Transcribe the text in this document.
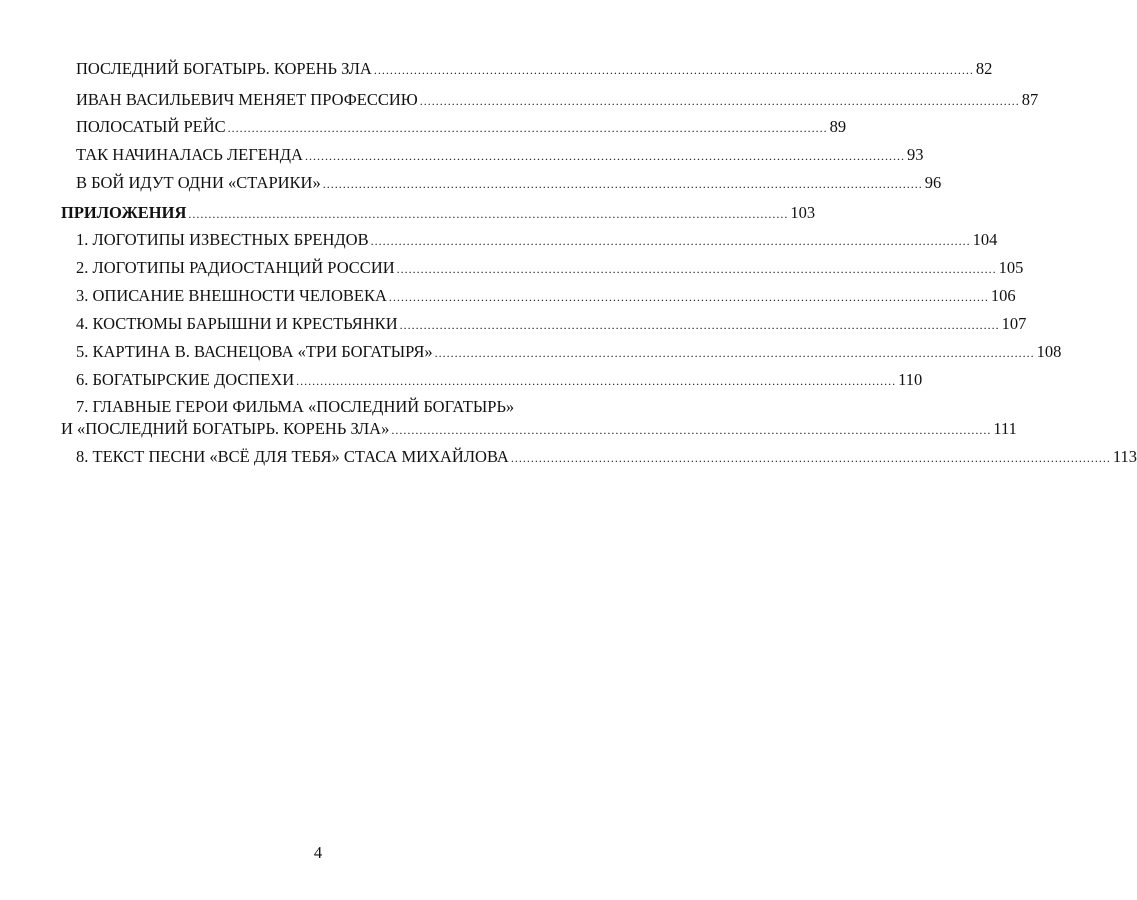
ПОСЛЕДНИЙ БОГАТЫРЬ. КОРЕНЬ ЗЛА ...................................................................................................................................................... 82
ИВАН ВАСИЛЬЕВИЧ МЕНЯЕТ ПРОФЕССИЮ ...................................................................................................................................................... 87
ПОЛОСАТЫЙ РЕЙС ...................................................................................................................................................... 89
ТАК НАЧИНАЛАСЬ ЛЕГЕНДА ...................................................................................................................................................... 93
В БОЙ ИДУТ ОДНИ «СТАРИКИ» ...................................................................................................................................................... 96
ПРИЛОЖЕНИЯ ...................................................................................................................................................... 103
1. ЛОГОТИПЫ ИЗВЕСТНЫХ БРЕНДОВ ...................................................................................................................................................... 104
2. ЛОГОТИПЫ РАДИОСТАНЦИЙ РОССИИ ...................................................................................................................................................... 105
3. ОПИСАНИЕ ВНЕШНОСТИ ЧЕЛОВЕКА ...................................................................................................................................................... 106
4. КОСТЮМЫ БАРЫШНИ И КРЕСТЬЯНКИ ...................................................................................................................................................... 107
5. КАРТИНА В. ВАСНЕЦОВА «ТРИ БОГАТЫРЯ» ...................................................................................................................................................... 108
6. БОГАТЫРСКИЕ ДОСПЕХИ ...................................................................................................................................................... 110
7. ГЛАВНЫЕ ГЕРОИ ФИЛЬМА «ПОСЛЕДНИЙ БОГАТЫРЬ»
И «ПОСЛЕДНИЙ БОГАТЫРЬ. КОРЕНЬ ЗЛА» ...................................................................................................................................................... 111
8. ТЕКСТ ПЕСНИ «ВСЁ ДЛЯ ТЕБЯ» СТАСА МИХАЙЛОВА ...................................................................................................................................................... 113
4
